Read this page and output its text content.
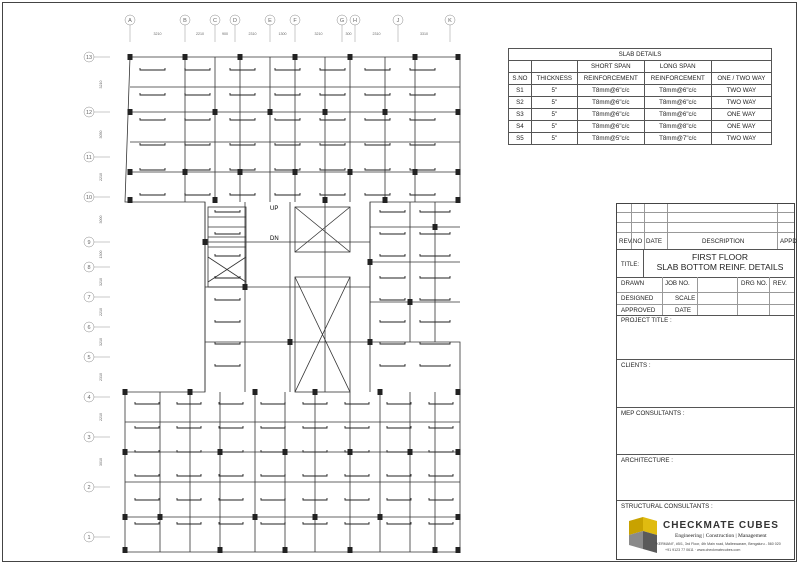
UP
DN
A	B	C	D	E	F	G H	J	K
3210	2210	900	2310	1300	3210	300	2310	3310
13
12
11
10
9
8
7
6
5
4
3
2
1
3210
3050
2210
3000
1300
3210
2210
3210
2310
2210
3010
SLAB DETAILS				
		SHORT SPAN	LONG SPAN	
S.NO	THICKNESS	REINFORCEMENT	REINFORCEMENT	ONE / TWO WAY
S1	5"	T8mm@6"c/c	T8mm@6"c/c	TWO WAY
S2	5"	T8mm@6"c/c	T8mm@6"c/c	TWO WAY
S3	5"	T8mm@6"c/c	T8mm@6"c/c	ONE WAY
S4	5"	T8mm@6"c/c	T8mm@8"c/c	ONE WAY
S5	5"	T8mm@5"c/c	T8mm@7"c/c	TWO WAY
REV.NO DATE	DESCRIPTION	APPD
TITLE:
FIRST FLOOR
SLAB BOTTOM REINF. DETAILS
DRAWN	JOB NO.	DRG NO. REV.
DESIGNED	SCALE
APPROVED	DATE
PROJECT TITLE :
CLIENTS :
MEP CONSULTANTS :
ARCHITECTURE :
STRUCTURAL CONSULTANTS :
CHECKMATE CUBES
Engineering | Construction | Management
"KERMANI", #5/1, 3rd Floor, 4th Main road, Malleswaram, Bengaluru - 560 020
+91 9123 77 0611 · www.checkmatecubes.com
